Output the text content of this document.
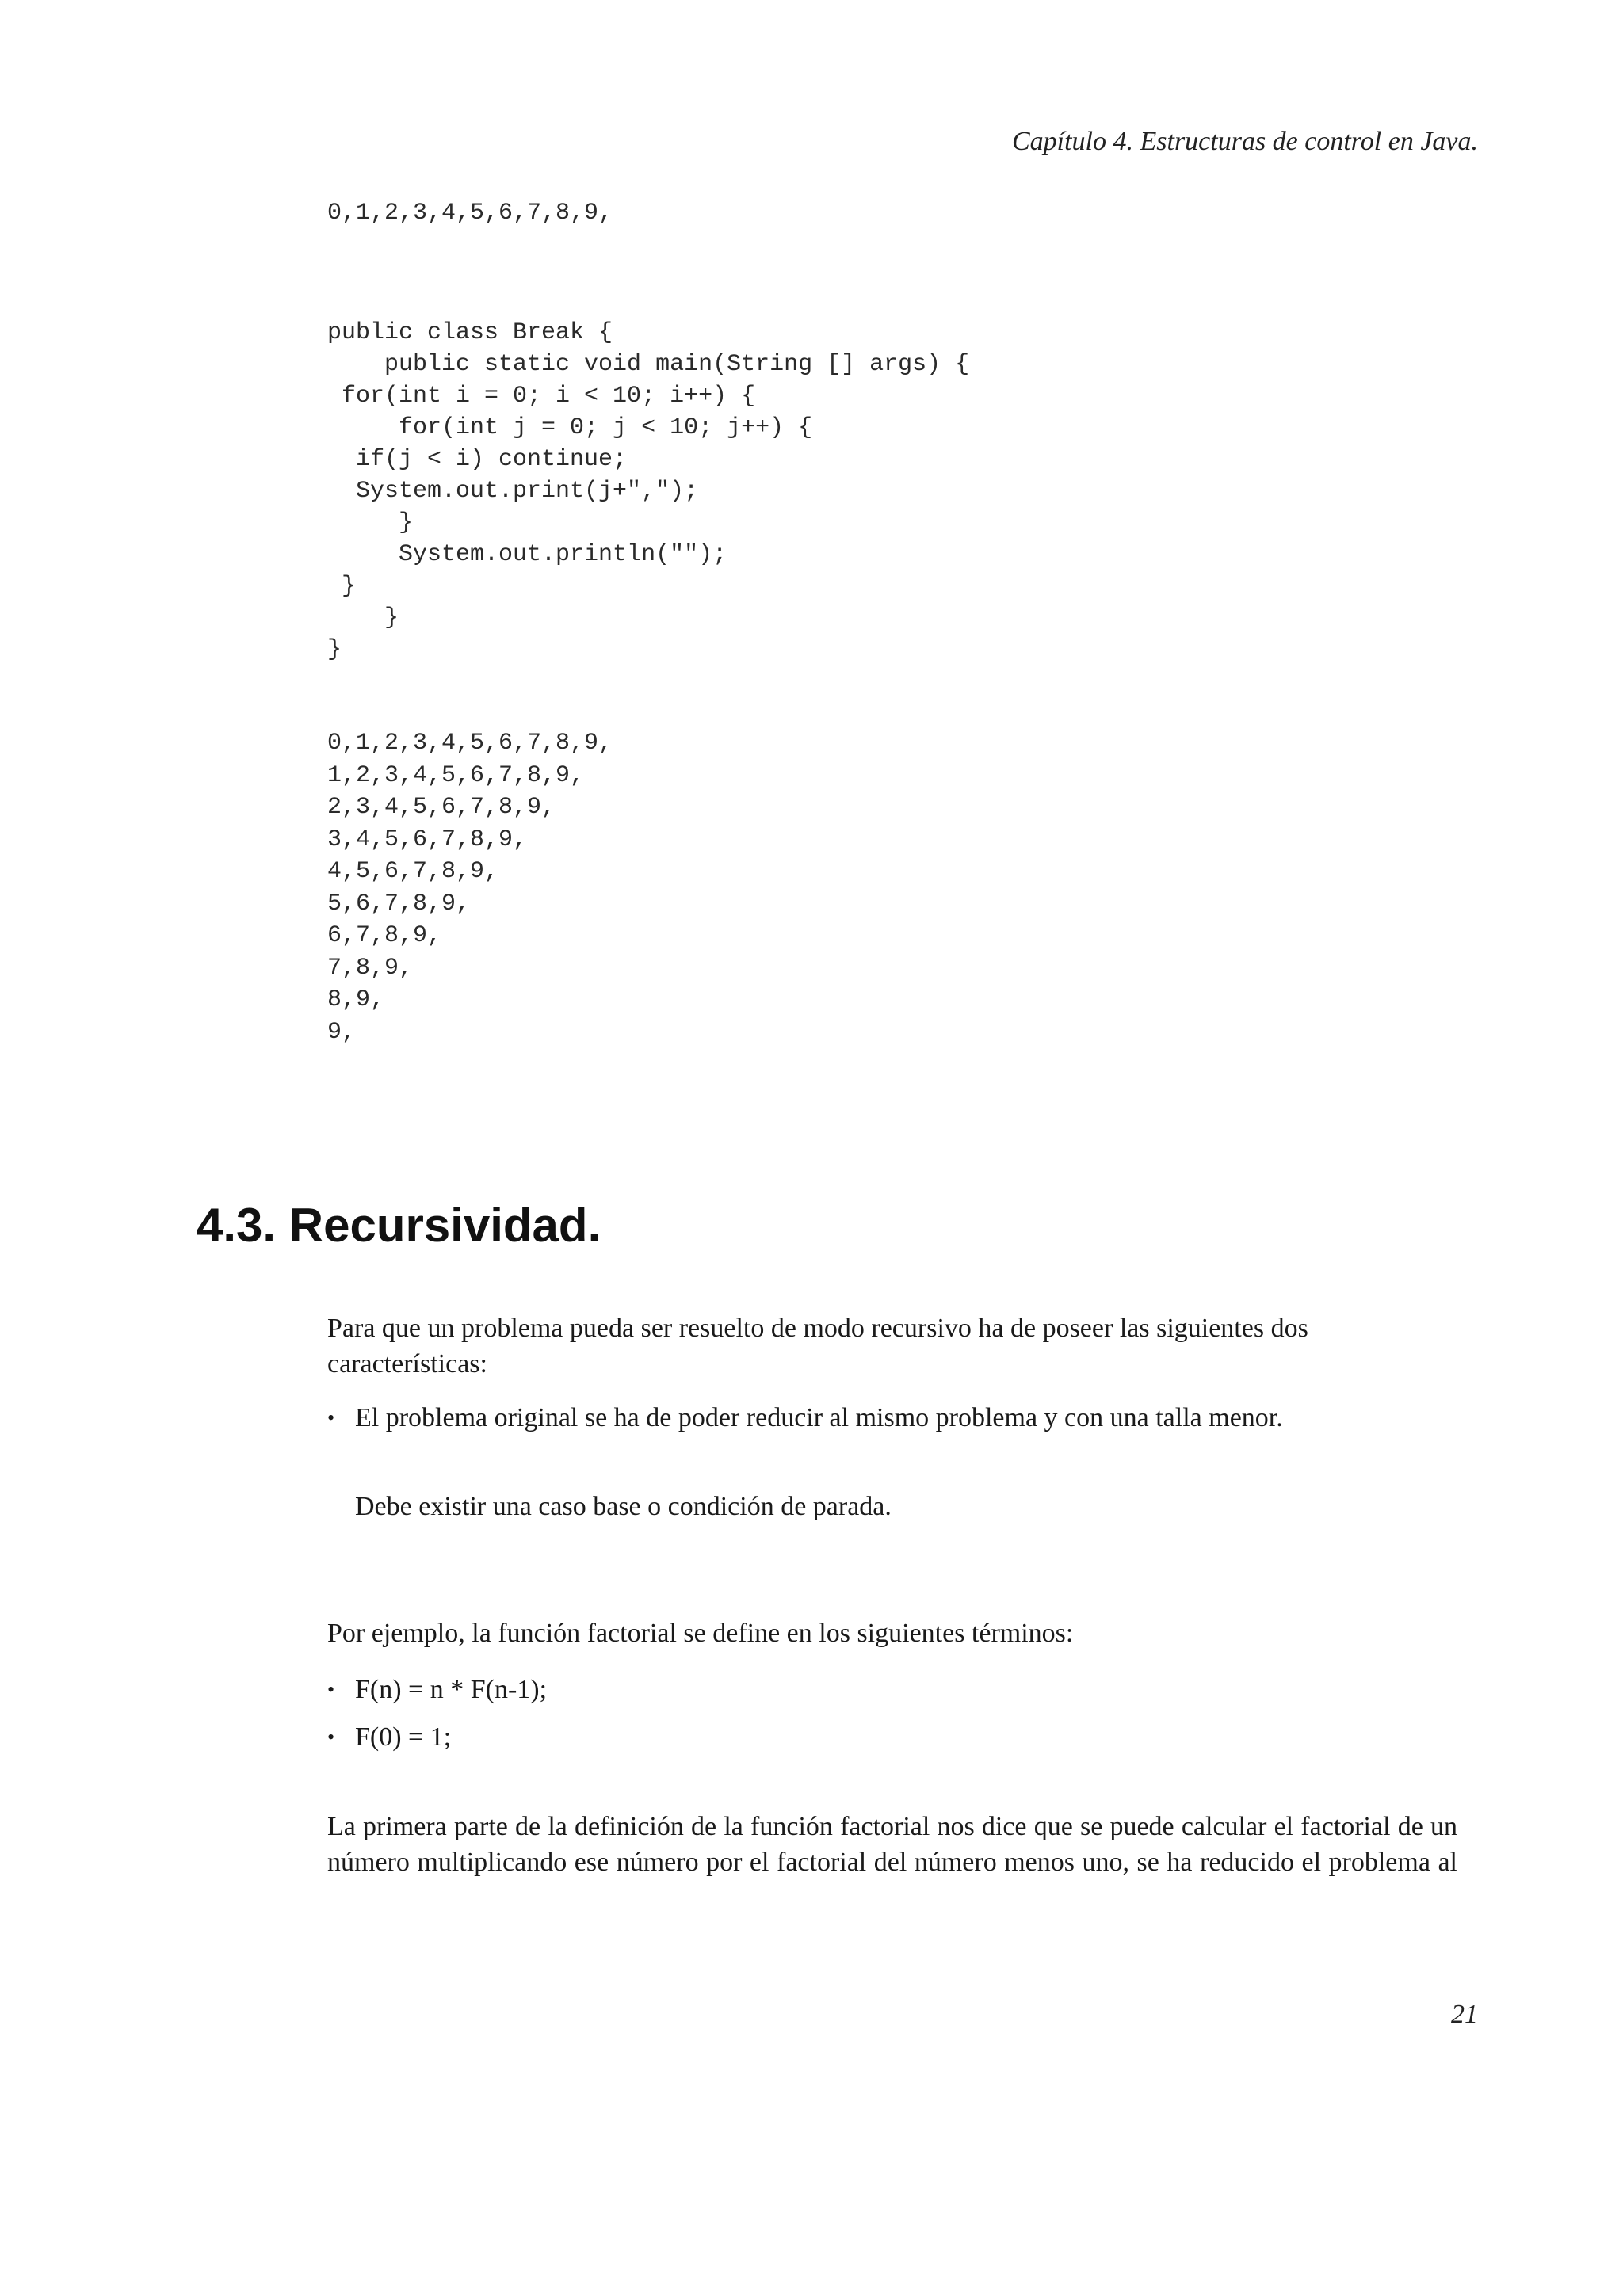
Capítulo 4. Estructuras de control en Java.
0,1,2,3,4,5,6,7,8,9,
public class Break {
public static void main(String [] args) {
for(int i = 0; i < 10; i++) {
for(int j = 0; j < 10; j++) {
if(j < i) continue;
System.out.print(j+",");
}
System.out.println("");
}
}
}
0,1,2,3,4,5,6,7,8,9,
1,2,3,4,5,6,7,8,9,
2,3,4,5,6,7,8,9,
3,4,5,6,7,8,9,
4,5,6,7,8,9,
5,6,7,8,9,
6,7,8,9,
7,8,9,
8,9,
9,
4.3. Recursividad.

Para que un problema pueda ser resuelto de modo recursivo ha de poseer las siguientes dos
características:

• El problema original se ha de poder reducir al mismo problema y con una talla menor.
Debe existir una caso base o condición de parada.

Por ejemplo, la función factorial se define en los siguientes términos:

• F(n) = n * F(n-1);
• F(0) = 1;

La primera parte de la definición de la función factorial nos dice que se puede calcular el factorial de un
número multiplicando ese número por el factorial del número menos uno, se ha reducido el problema al

21
